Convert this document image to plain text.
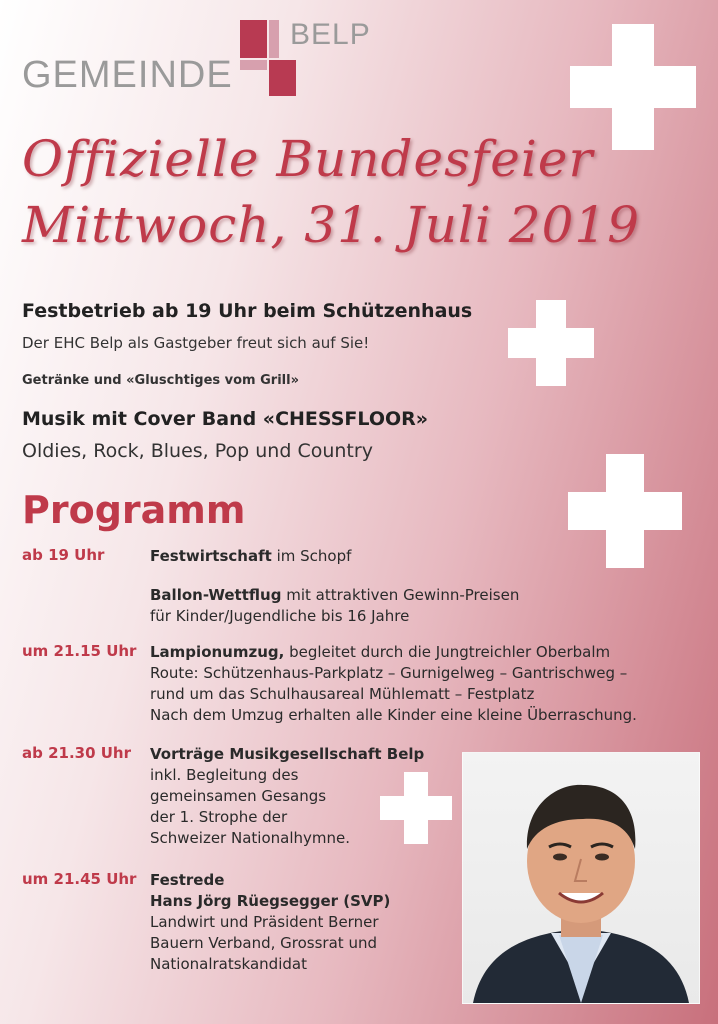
GEMEINDE
BELP
Offizielle Bundesfeier
Mittwoch, 31. Juli 2019
Festbetrieb ab 19 Uhr beim Schützenhaus
Der EHC Belp als Gastgeber freut sich auf Sie!
Getränke und «Gluschtiges vom Grill»
Musik mit Cover Band «CHESSFLOOR»
Oldies, Rock, Blues, Pop und Country
Programm
ab 19 Uhr	Festwirtschaft im Schopf
Ballon-Wettflug mit attraktiven Gewinn-Preisen
für Kinder/Jugendliche bis 16 Jahre
um 21.15 Uhr Lampionumzug, begleitet durch die Jungtreichler Oberbalm
Route: Schützenhaus-Parkplatz – Gurnigelweg – Gantrischweg –
rund um das Schulhausareal Mühlematt – Festplatz
Nach dem Umzug erhalten alle Kinder eine kleine Überraschung.
ab 21.30 Uhr Vorträge Musikgesellschaft Belp
inkl. Begleitung des
gemeinsamen Gesangs
der 1. Strophe der
Schweizer Nationalhymne.
um 21.45 Uhr Festrede
Hans Jörg Rüegsegger (SVP)
Landwirt und Präsident Berner
Bauern Verband, Grossrat und
Nationalratskandidat
